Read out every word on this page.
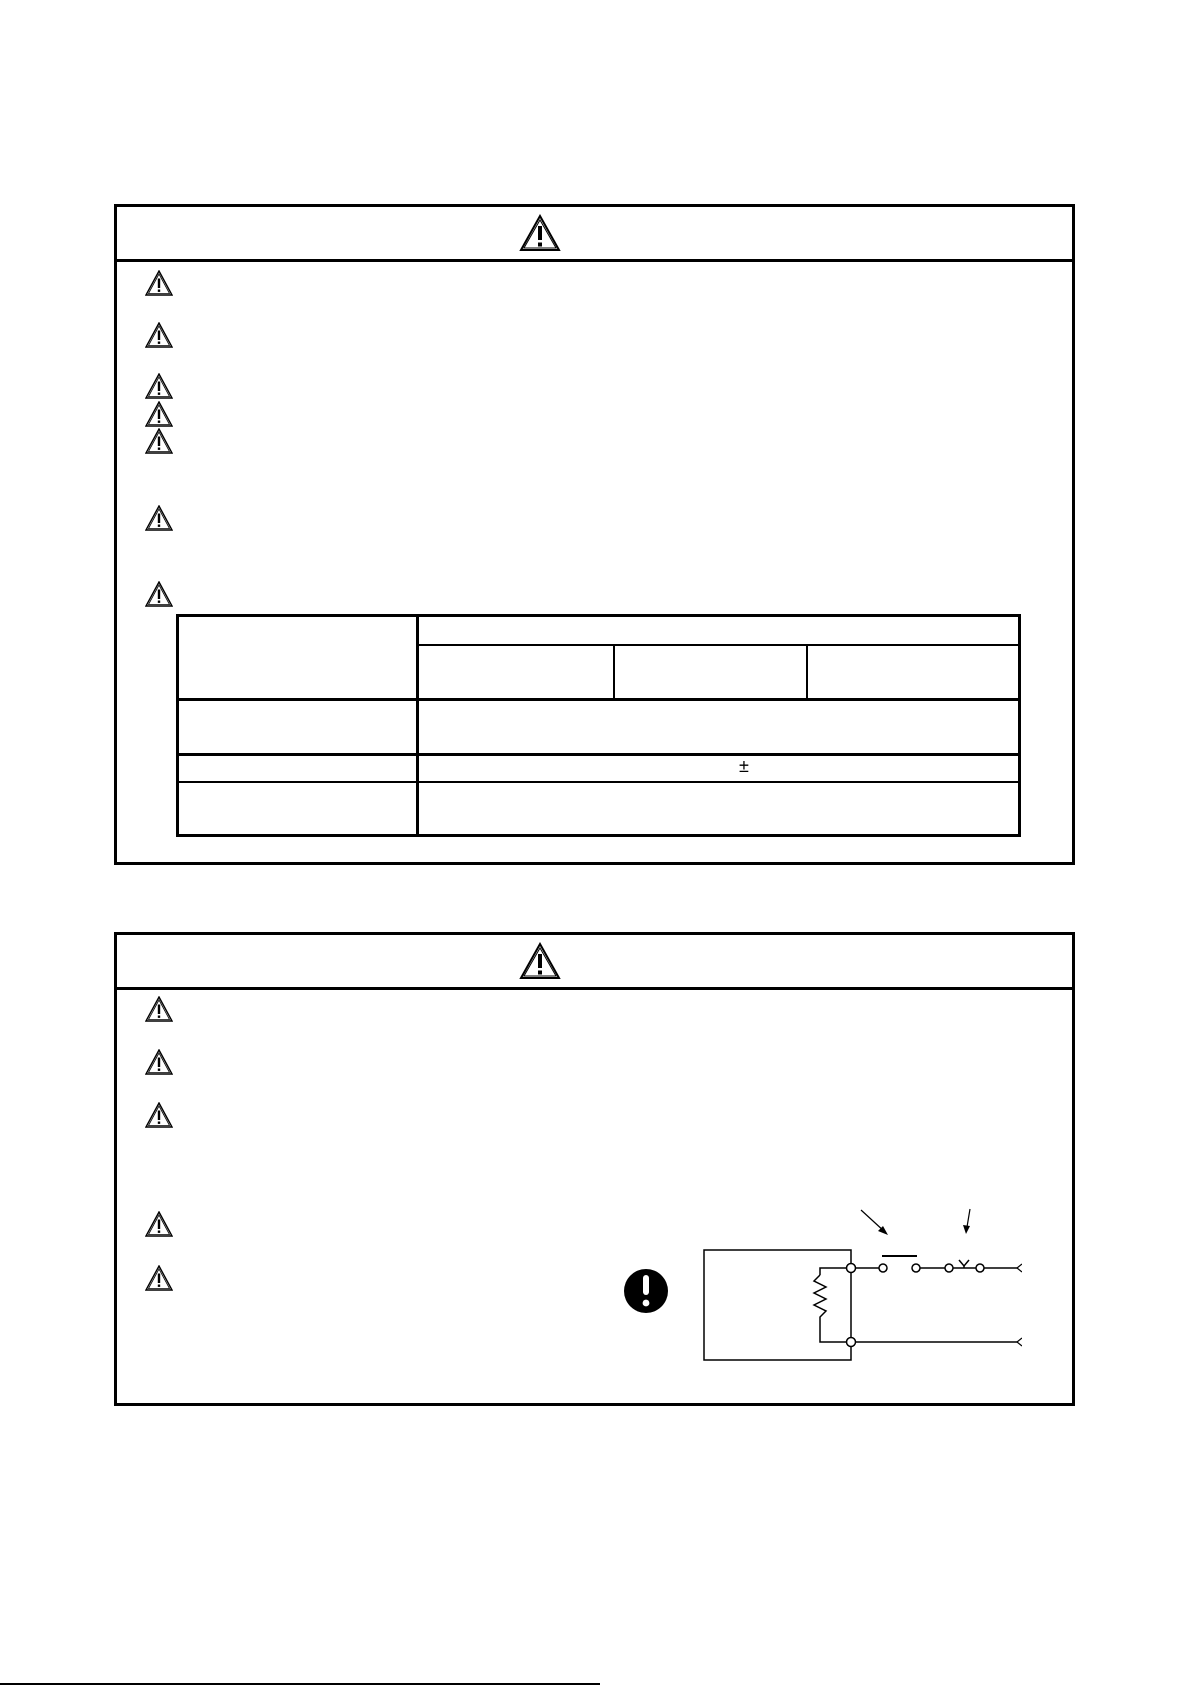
±
